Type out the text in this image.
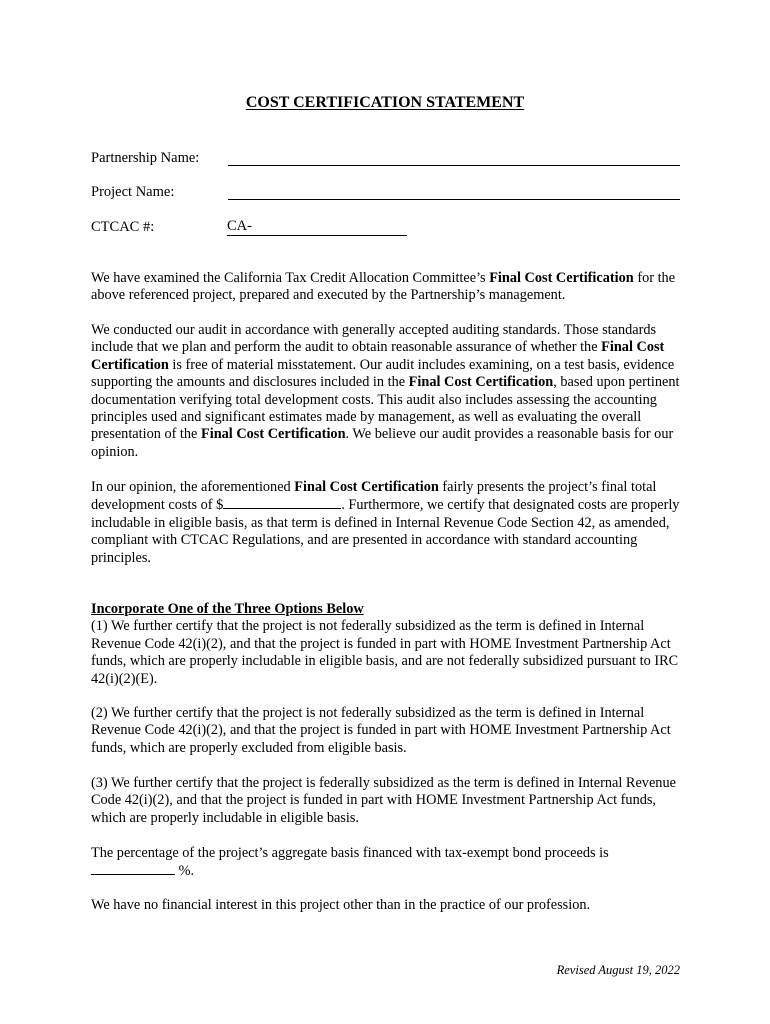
COST CERTIFICATION STATEMENT
Partnership Name:
Project Name:
CTCAC #:	CA-

We have examined the California Tax Credit Allocation Committee’s Final Cost Certification for the above referenced project, prepared and executed by the Partnership’s management.

We conducted our audit in accordance with generally accepted auditing standards. Those standards include that we plan and perform the audit to obtain reasonable assurance of whether the Final Cost Certification is free of material misstatement. Our audit includes examining, on a test basis, evidence supporting the amounts and disclosures included in the Final Cost Certification, based upon pertinent documentation verifying total development costs. This audit also includes assessing the accounting principles used and significant estimates made by management, as well as evaluating the overall presentation of the Final Cost Certification. We believe our audit provides a reasonable basis for our opinion.

In our opinion, the aforementioned Final Cost Certification fairly presents the project’s final total development costs of $	. Furthermore, we certify that designated costs are properly includable in eligible basis, as that term is defined in Internal Revenue Code Section 42, as amended, compliant with CTCAC Regulations, and are presented in accordance with standard accounting principles.

Incorporate One of the Three Options Below
(1) We further certify that the project is not federally subsidized as the term is defined in Internal Revenue Code 42(i)(2), and that the project is funded in part with HOME Investment Partnership Act funds, which are properly includable in eligible basis, and are not federally subsidized pursuant to IRC 42(i)(2)(E).

(2) We further certify that the project is not federally subsidized as the term is defined in Internal Revenue Code 42(i)(2), and that the project is funded in part with HOME Investment Partnership Act funds, which are properly excluded from eligible basis.

(3) We further certify that the project is federally subsidized as the term is defined in Internal Revenue Code 42(i)(2), and that the project is funded in part with HOME Investment Partnership Act funds, which are properly includable in eligible basis.

The percentage of the project’s aggregate basis financed with tax-exempt bond proceeds is  %.

We have no financial interest in this project other than in the practice of our profession.

Revised August 19, 2022
